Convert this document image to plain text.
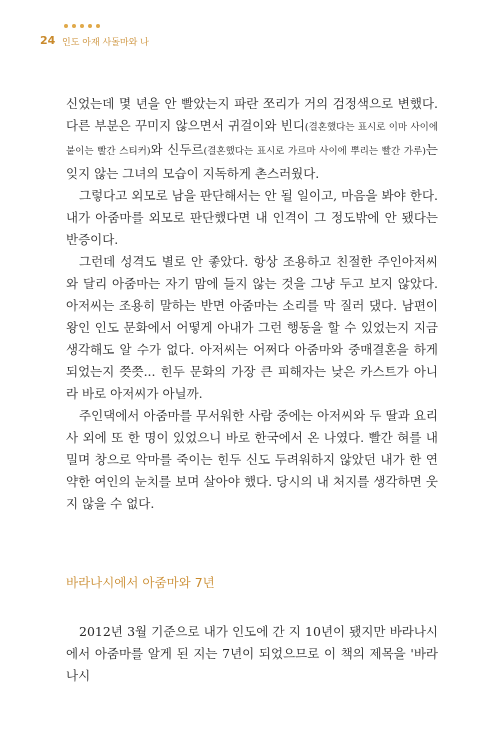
24 인도 아재 사돌마와 나

신었는데 몇 년을 안 빨았는지 파란 쪼리가 거의 검정색으로 변했다. 다른 부분은 꾸미지 않으면서 귀걸이와 빈디(결혼했다는 표시로 이마 사이에 붙이는 빨간 스티커)와 신두르(결혼했다는 표시로 가르마 사이에 뿌리는 빨간 가루)는 잊지 않는 그녀의 모습이 지독하게 촌스러웠다.

그렇다고 외모로 남을 판단해서는 안 될 일이고, 마음을 봐야 한다. 내가 아줌마를 외모로 판단했다면 내 인격이 그 정도밖에 안 됐다는 반증이다.

그런데 성격도 별로 안 좋았다. 항상 조용하고 친절한 주인아저씨와 달리 아줌마는 자기 맘에 들지 않는 것을 그냥 두고 보지 않았다. 아저씨는 조용히 말하는 반면 아줌마는 소리를 막 질러 댔다. 남편이 왕인 인도 문화에서 어떻게 아내가 그런 행동을 할 수 있었는지 지금 생각해도 알 수가 없다. 아저씨는 어쩌다 아줌마와 중매결혼을 하게 되었는지 쯧쯧... 힌두 문화의 가장 큰 피해자는 낮은 카스트가 아니라 바로 아저씨가 아닐까.

주인댁에서 아줌마를 무서워한 사람 중에는 아저씨와 두 딸과 요리사 외에 또 한 명이 있었으니 바로 한국에서 온 나였다. 빨간 혀를 내밀며 창으로 악마를 죽이는 힌두 신도 두려워하지 않았던 내가 한 연약한 여인의 눈치를 보며 살아야 했다. 당시의 내 처지를 생각하면 웃지 않을 수 없다.

바라나시에서 아줌마와 7년

2012년 3월 기준으로 내가 인도에 간 지 10년이 됐지만 바라나시에서 아줌마를 알게 된 지는 7년이 되었으므로 이 책의 제목을 '바라나시
